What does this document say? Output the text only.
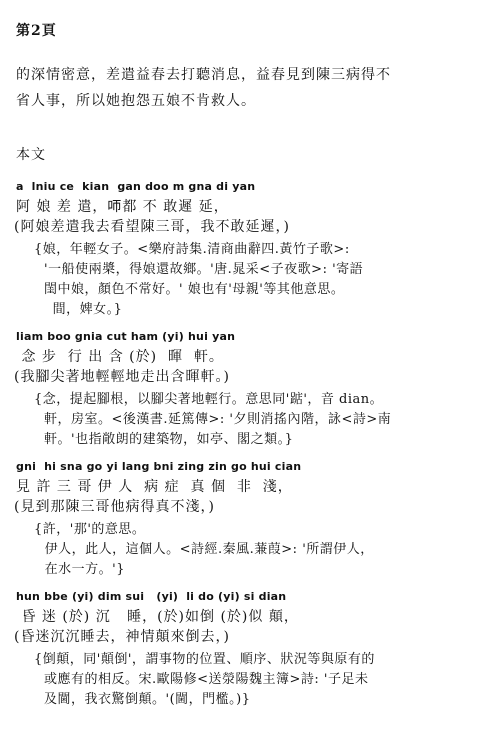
第2頁
的深情密意，差遣益春去打聽消息，益春見到陳三病得不
省人事，所以她抱怨五娘不肯救人。
本文
a  lniu ce  kian  gan doo m gna di yan
阿 娘 差 遣，𠯗都 不 敢遲 延，
(阿娘差遣我去看望陳三哥，我不敢延遲，)
{娘，年輕女子。<樂府詩集.清商曲辭四.黃竹子歌>:
'一船使兩槳，得娘還故鄉。'唐.晁采<子夜歌>: '寄語
閨中娘，顏色不常好。' 娘也有'母親'等其他意思。
間，婢女。}
liam boo gnia cut ham (yi) hui yan
念 步  行 出 含 (於)  暉  軒。
(我腳尖著地輕輕地走出含暉軒。)
{念，提起腳根，以腳尖著地輕行。意思同'踮'，音 dian。
軒，房室。<後漢書.延篤傳>: '夕則消搖內階，詠<詩>南
軒。'也指敞朗的建築物，如亭、閣之類。}
gni  hi sna go yi lang bni zing zin go hui cian
見 許 三 哥 伊 人  病 症  真 個  非  淺，
(見到那陳三哥他病得真不淺，)
{許，'那'的意思。
伊人，此人，這個人。<詩經.秦風.蒹葭>: '所謂伊人，
在水一方。'}
hun bbe (yi) dim sui   (yi)  li do (yi) si dian
昏 迷 (於) 沉   睡，(於)如倒 (於)似 顛，
(昏迷沉沉睡去，神情顛來倒去，)
{倒顛，同'顛倒'，謂事物的位置、順序、狀況等與原有的
或應有的相反。宋.歐陽修<送滎陽魏主簿>詩: '子足未
及閫，我衣驚倒顛。'(閫，門檻。)}
